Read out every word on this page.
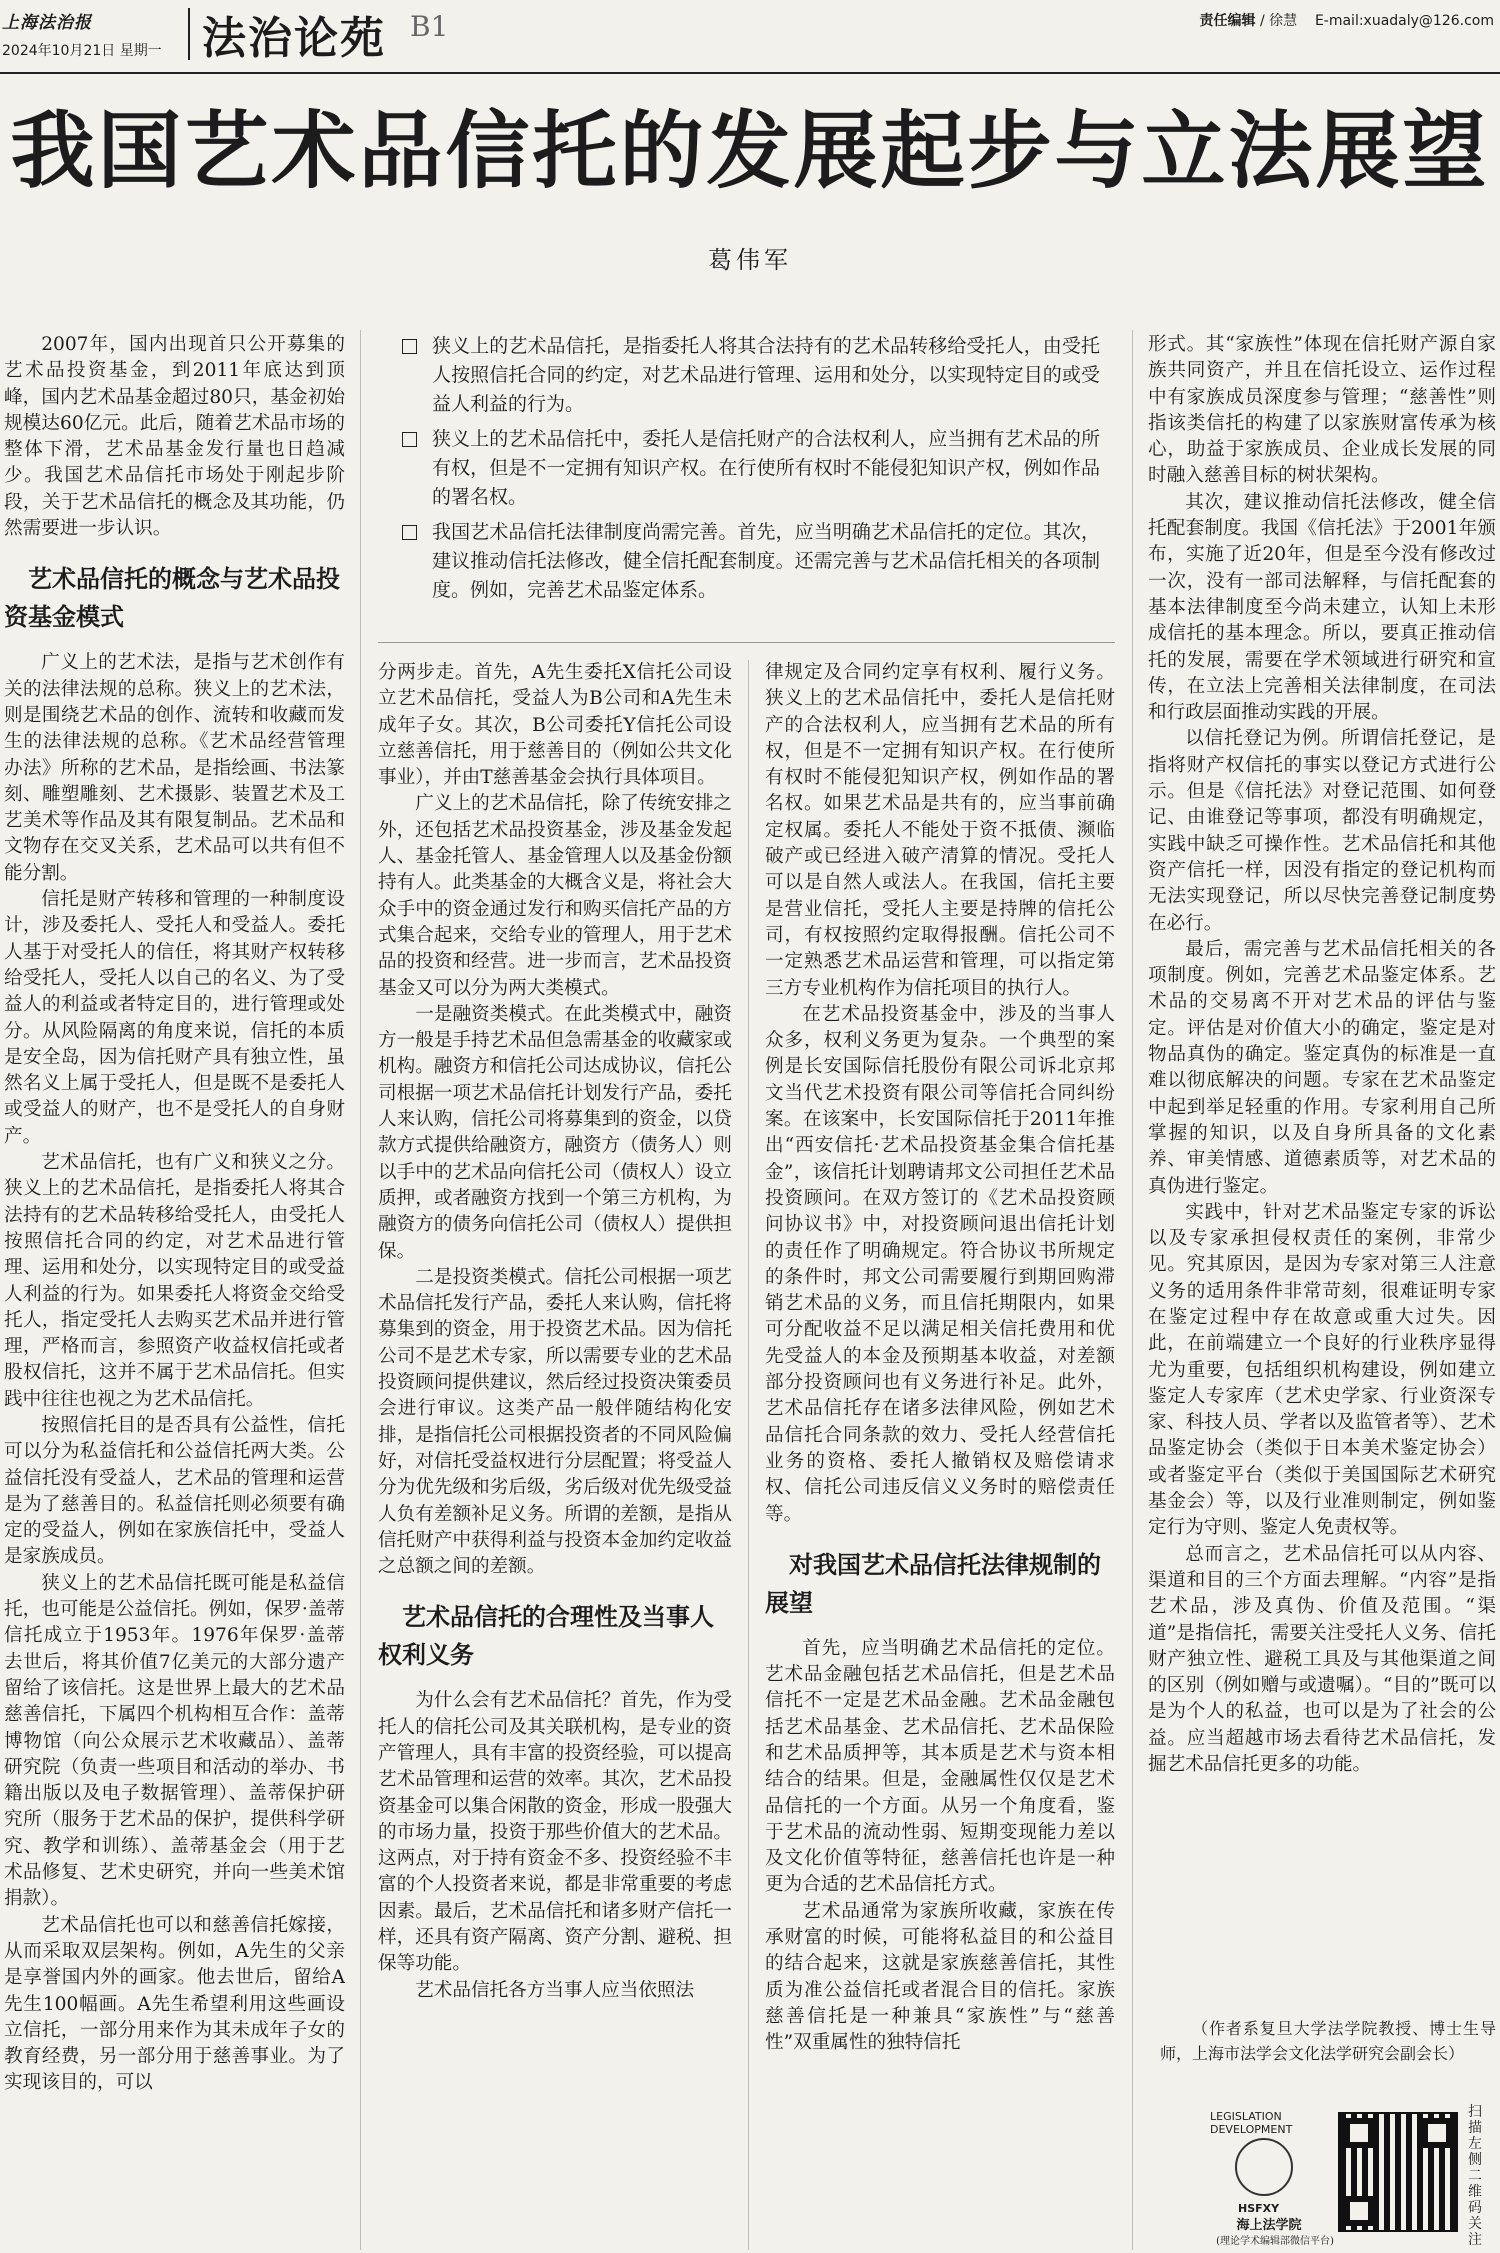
上海法治报
2024年10月21日 星期一 法治论苑 B1	责任编辑 / 徐慧 E-mail:xuadaly@126.com
我国艺术品信托的发展起步与立法展望
葛伟军
狭义上的艺术品信托，是指委托人将其合法持有的艺术品转移给受托人，由受托人按照信托合同的约定，对艺术品进行管理、运用和处分，以实现特定目的或受益人利益的行为。
狭义上的艺术品信托中，委托人是信托财产的合法权利人，应当拥有艺术品的所有权，但是不一定拥有知识产权。在行使所有权时不能侵犯知识产权，例如作品的署名权。
我国艺术品信托法律制度尚需完善。首先，应当明确艺术品信托的定位。其次，建议推动信托法修改，健全信托配套制度。还需完善与艺术品信托相关的各项制度。例如，完善艺术品鉴定体系。

2007年，国内出现首只公开募集的艺术品投资基金，到2011年底达到顶峰，国内艺术品基金超过80只，基金初始规模达60亿元。此后，随着艺术品市场的整体下滑，艺术品基金发行量也日趋减少。我国艺术品信托市场处于刚起步阶段，关于艺术品信托的概念及其功能，仍然需要进一步认识。

艺术品信托的概念与艺术品投资基金模式

广义上的艺术法，是指与艺术创作有关的法律法规的总称。狭义上的艺术法，则是围绕艺术品的创作、流转和收藏而发生的法律法规的总称。《艺术品经营管理办法》所称的艺术品，是指绘画、书法篆刻、雕塑雕刻、艺术摄影、装置艺术及工艺美术等作品及其有限复制品。艺术品和文物存在交叉关系，艺术品可以共有但不能分割。

信托是财产转移和管理的一种制度设计，涉及委托人、受托人和受益人。委托人基于对受托人的信任，将其财产权转移给受托人，受托人以自己的名义、为了受益人的利益或者特定目的，进行管理或处分。从风险隔离的角度来说，信托的本质是安全岛，因为信托财产具有独立性，虽然名义上属于受托人，但是既不是委托人或受益人的财产，也不是受托人的自身财产。

艺术品信托，也有广义和狭义之分。狭义上的艺术品信托，是指委托人将其合法持有的艺术品转移给受托人，由受托人按照信托合同的约定，对艺术品进行管理、运用和处分，以实现特定目的或受益人利益的行为。如果委托人将资金交给受托人，指定受托人去购买艺术品并进行管理，严格而言，参照资产收益权信托或者股权信托，这并不属于艺术品信托。但实践中往往也视之为艺术品信托。

按照信托目的是否具有公益性，信托可以分为私益信托和公益信托两大类。公益信托没有受益人，艺术品的管理和运营是为了慈善目的。私益信托则必须要有确定的受益人，例如在家族信托中，受益人是家族成员。

狭义上的艺术品信托既可能是私益信托，也可能是公益信托。例如，保罗·盖蒂信托成立于1953年。1976年保罗·盖蒂去世后，将其价值7亿美元的大部分遗产留给了该信托。这是世界上最大的艺术品慈善信托，下属四个机构相互合作：盖蒂博物馆（向公众展示艺术收藏品）、盖蒂研究院（负责一些项目和活动的举办、书籍出版以及电子数据管理）、盖蒂保护研究所（服务于艺术品的保护，提供科学研究、教学和训练）、盖蒂基金会（用于艺术品修复、艺术史研究，并向一些美术馆捐款）。

艺术品信托也可以和慈善信托嫁接，从而采取双层架构。例如，A先生的父亲是享誉国内外的画家。他去世后，留给A先生100幅画。A先生希望利用这些画设立信托，一部分用来作为其未成年子女的教育经费，另一部分用于慈善事业。为了实现该目的，可以

分两步走。首先，A先生委托X信托公司设立艺术品信托，受益人为B公司和A先生未成年子女。其次，B公司委托Y信托公司设立慈善信托，用于慈善目的（例如公共文化事业），并由T慈善基金会执行具体项目。

广义上的艺术品信托，除了传统安排之外，还包括艺术品投资基金，涉及基金发起人、基金托管人、基金管理人以及基金份额持有人。此类基金的大概含义是，将社会大众手中的资金通过发行和购买信托产品的方式集合起来，交给专业的管理人，用于艺术品的投资和经营。进一步而言，艺术品投资基金又可以分为两大类模式。

一是融资类模式。在此类模式中，融资方一般是手持艺术品但急需基金的收藏家或机构。融资方和信托公司达成协议，信托公司根据一项艺术品信托计划发行产品，委托人来认购，信托公司将募集到的资金，以贷款方式提供给融资方，融资方（债务人）则以手中的艺术品向信托公司（债权人）设立质押，或者融资方找到一个第三方机构，为融资方的债务向信托公司（债权人）提供担保。

二是投资类模式。信托公司根据一项艺术品信托发行产品，委托人来认购，信托将募集到的资金，用于投资艺术品。因为信托公司不是艺术专家，所以需要专业的艺术品投资顾问提供建议，然后经过投资决策委员会进行审议。这类产品一般伴随结构化安排，是指信托公司根据投资者的不同风险偏好，对信托受益权进行分层配置；将受益人分为优先级和劣后级，劣后级对优先级受益人负有差额补足义务。所谓的差额，是指从信托财产中获得利益与投资本金加约定收益之总额之间的差额。

艺术品信托的合理性及当事人权利义务

为什么会有艺术品信托？首先，作为受托人的信托公司及其关联机构，是专业的资产管理人，具有丰富的投资经验，可以提高艺术品管理和运营的效率。其次，艺术品投资基金可以集合闲散的资金，形成一股强大的市场力量，投资于那些价值大的艺术品。这两点，对于持有资金不多、投资经验不丰富的个人投资者来说，都是非常重要的考虑因素。最后，艺术品信托和诸多财产信托一样，还具有资产隔离、资产分割、避税、担保等功能。

艺术品信托各方当事人应当依照法

律规定及合同约定享有权利、履行义务。狭义上的艺术品信托中，委托人是信托财产的合法权利人，应当拥有艺术品的所有权，但是不一定拥有知识产权。在行使所有权时不能侵犯知识产权，例如作品的署名权。如果艺术品是共有的，应当事前确定权属。委托人不能处于资不抵债、濒临破产或已经进入破产清算的情况。受托人可以是自然人或法人。在我国，信托主要是营业信托，受托人主要是持牌的信托公司，有权按照约定取得报酬。信托公司不一定熟悉艺术品运营和管理，可以指定第三方专业机构作为信托项目的执行人。

在艺术品投资基金中，涉及的当事人众多，权利义务更为复杂。一个典型的案例是长安国际信托股份有限公司诉北京邦文当代艺术投资有限公司等信托合同纠纷案。在该案中，长安国际信托于2011年推出“西安信托·艺术品投资基金集合信托基金”，该信托计划聘请邦文公司担任艺术品投资顾问。在双方签订的《艺术品投资顾问协议书》中，对投资顾问退出信托计划的责任作了明确规定。符合协议书所规定的条件时，邦文公司需要履行到期回购滞销艺术品的义务，而且信托期限内，如果可分配收益不足以满足相关信托费用和优先受益人的本金及预期基本收益，对差额部分投资顾问也有义务进行补足。此外，艺术品信托存在诸多法律风险，例如艺术品信托合同条款的效力、受托人经营信托业务的资格、委托人撤销权及赔偿请求权、信托公司违反信义义务时的赔偿责任等。

对我国艺术品信托法律规制的展望

首先，应当明确艺术品信托的定位。艺术品金融包括艺术品信托，但是艺术品信托不一定是艺术品金融。艺术品金融包括艺术品基金、艺术品信托、艺术品保险和艺术品质押等，其本质是艺术与资本相结合的结果。但是，金融属性仅仅是艺术品信托的一个方面。从另一个角度看，鉴于艺术品的流动性弱、短期变现能力差以及文化价值等特征，慈善信托也许是一种更为合适的艺术品信托方式。

艺术品通常为家族所收藏，家族在传承财富的时候，可能将私益目的和公益目的结合起来，这就是家族慈善信托，其性质为准公益信托或者混合目的信托。家族慈善信托是一种兼具“家族性”与“慈善性”双重属性的独特信托

形式。其“家族性”体现在信托财产源自家族共同资产，并且在信托设立、运作过程中有家族成员深度参与管理；“慈善性”则指该类信托的构建了以家族财富传承为核心，助益于家族成员、企业成长发展的同时融入慈善目标的树状架构。

其次，建议推动信托法修改，健全信托配套制度。我国《信托法》于2001年颁布，实施了近20年，但是至今没有修改过一次，没有一部司法解释，与信托配套的基本法律制度至今尚未建立，认知上未形成信托的基本理念。所以，要真正推动信托的发展，需要在学术领域进行研究和宣传，在立法上完善相关法律制度，在司法和行政层面推动实践的开展。

以信托登记为例。所谓信托登记，是指将财产权信托的事实以登记方式进行公示。但是《信托法》对登记范围、如何登记、由谁登记等事项，都没有明确规定，实践中缺乏可操作性。艺术品信托和其他资产信托一样，因没有指定的登记机构而无法实现登记，所以尽快完善登记制度势在必行。

最后，需完善与艺术品信托相关的各项制度。例如，完善艺术品鉴定体系。艺术品的交易离不开对艺术品的评估与鉴定。评估是对价值大小的确定，鉴定是对物品真伪的确定。鉴定真伪的标准是一直难以彻底解决的问题。专家在艺术品鉴定中起到举足轻重的作用。专家利用自己所掌握的知识，以及自身所具备的文化素养、审美情感、道德素质等，对艺术品的真伪进行鉴定。

实践中，针对艺术品鉴定专家的诉讼以及专家承担侵权责任的案例，非常少见。究其原因，是因为专家对第三人注意义务的适用条件非常苛刻，很难证明专家在鉴定过程中存在故意或重大过失。因此，在前端建立一个良好的行业秩序显得尤为重要，包括组织机构建设，例如建立鉴定人专家库（艺术史学家、行业资深专家、科技人员、学者以及监管者等）、艺术品鉴定协会（类似于日本美术鉴定协会）或者鉴定平台（类似于美国国际艺术研究基金会）等，以及行业准则制定，例如鉴定行为守则、鉴定人免责权等。

总而言之，艺术品信托可以从内容、渠道和目的三个方面去理解。“内容”是指艺术品，涉及真伪、价值及范围。“渠道”是指信托，需要关注受托人义务、信托财产独立性、避税工具及与其他渠道之间的区别（例如赠与或遗嘱）。“目的”既可以是为个人的私益，也可以是为了社会的公益。应当超越市场去看待艺术品信托，发掘艺术品信托更多的功能。

（作者系复旦大学法学院教授、博士生导师，上海市法学会文化法学研究会副会长）
LEGISLATION DEVELOPMENT
HSFXY
海上法学院
(理论学术编辑部微信平台)
扫描左侧二维码关注
